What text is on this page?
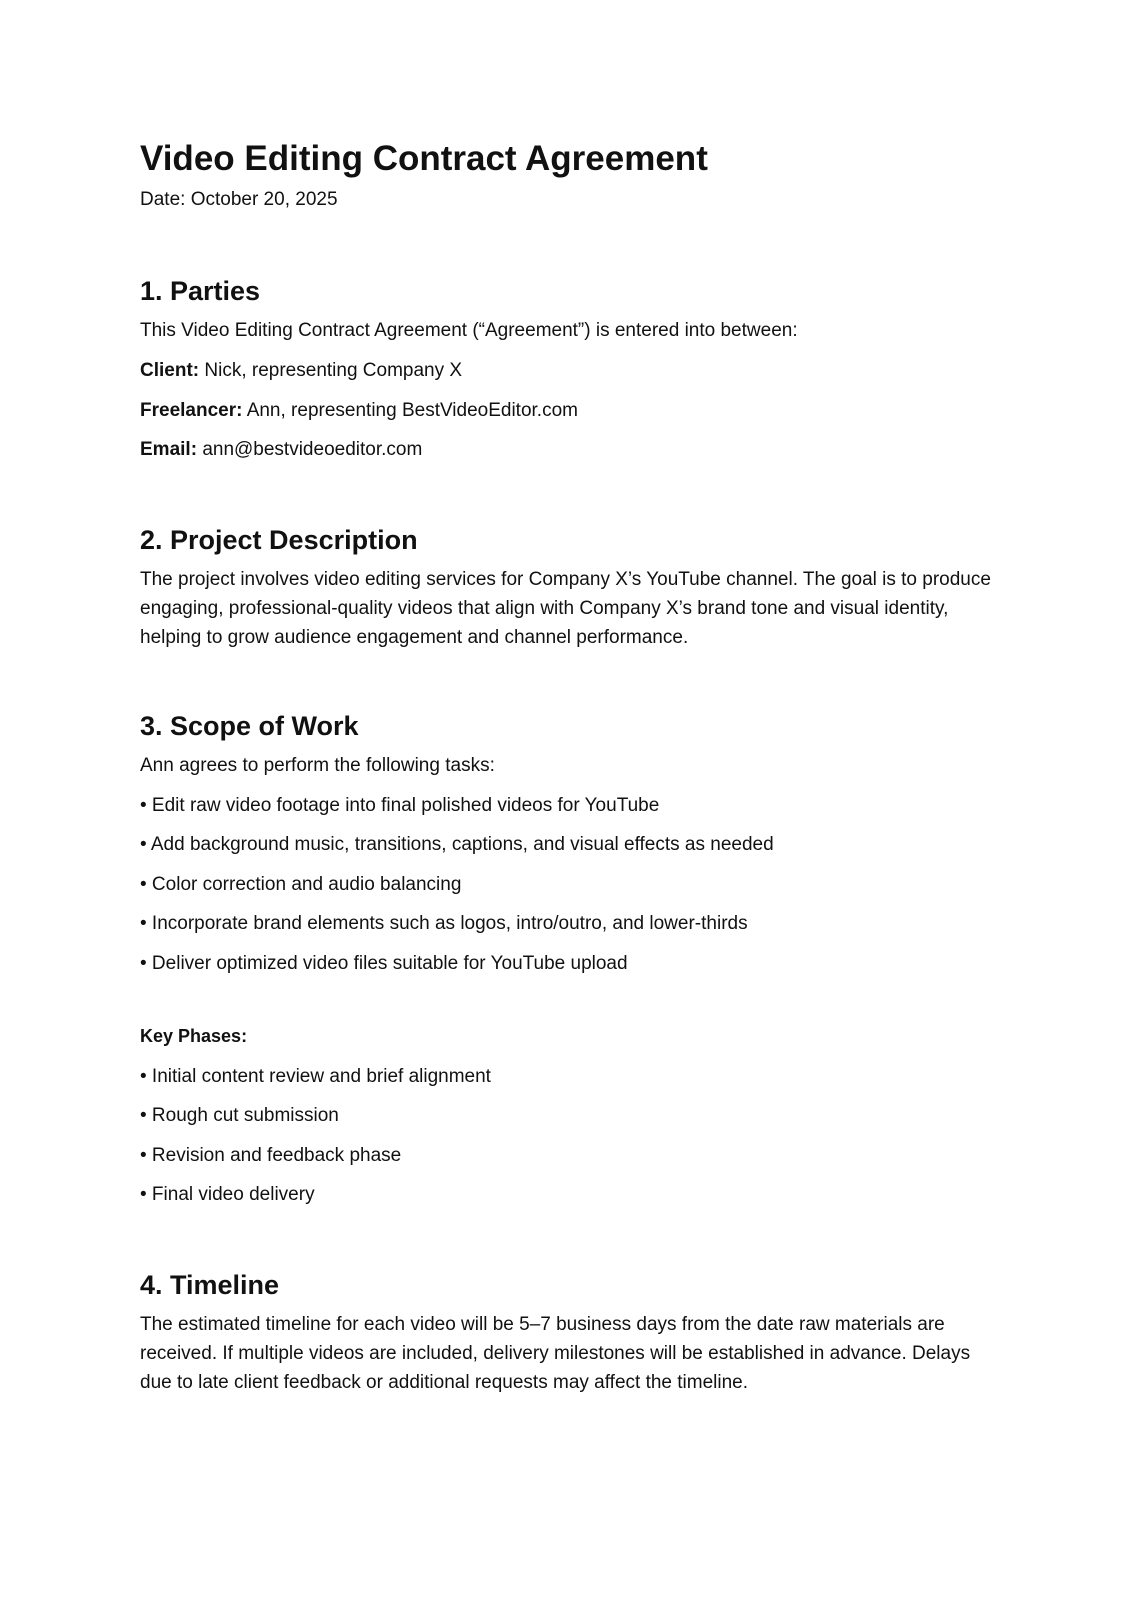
Video Editing Contract Agreement

Date: October 20, 2025

1. Parties

This Video Editing Contract Agreement (“Agreement”) is entered into between:

Client: Nick, representing Company X

Freelancer: Ann, representing BestVideoEditor.com

Email: ann@bestvideoeditor.com

2. Project Description

The project involves video editing services for Company X’s YouTube channel. The goal is to produce engaging, professional-quality videos that align with Company X’s brand tone and visual identity, helping to grow audience engagement and channel performance.

3. Scope of Work

Ann agrees to perform the following tasks:

• Edit raw video footage into final polished videos for YouTube

• Add background music, transitions, captions, and visual effects as needed

• Color correction and audio balancing

• Incorporate brand elements such as logos, intro/outro, and lower-thirds

• Deliver optimized video files suitable for YouTube upload

Key Phases:

• Initial content review and brief alignment

• Rough cut submission

• Revision and feedback phase

• Final video delivery

4. Timeline

The estimated timeline for each video will be 5–7 business days from the date raw materials are received. If multiple videos are included, delivery milestones will be established in advance. Delays due to late client feedback or additional requests may affect the timeline.
